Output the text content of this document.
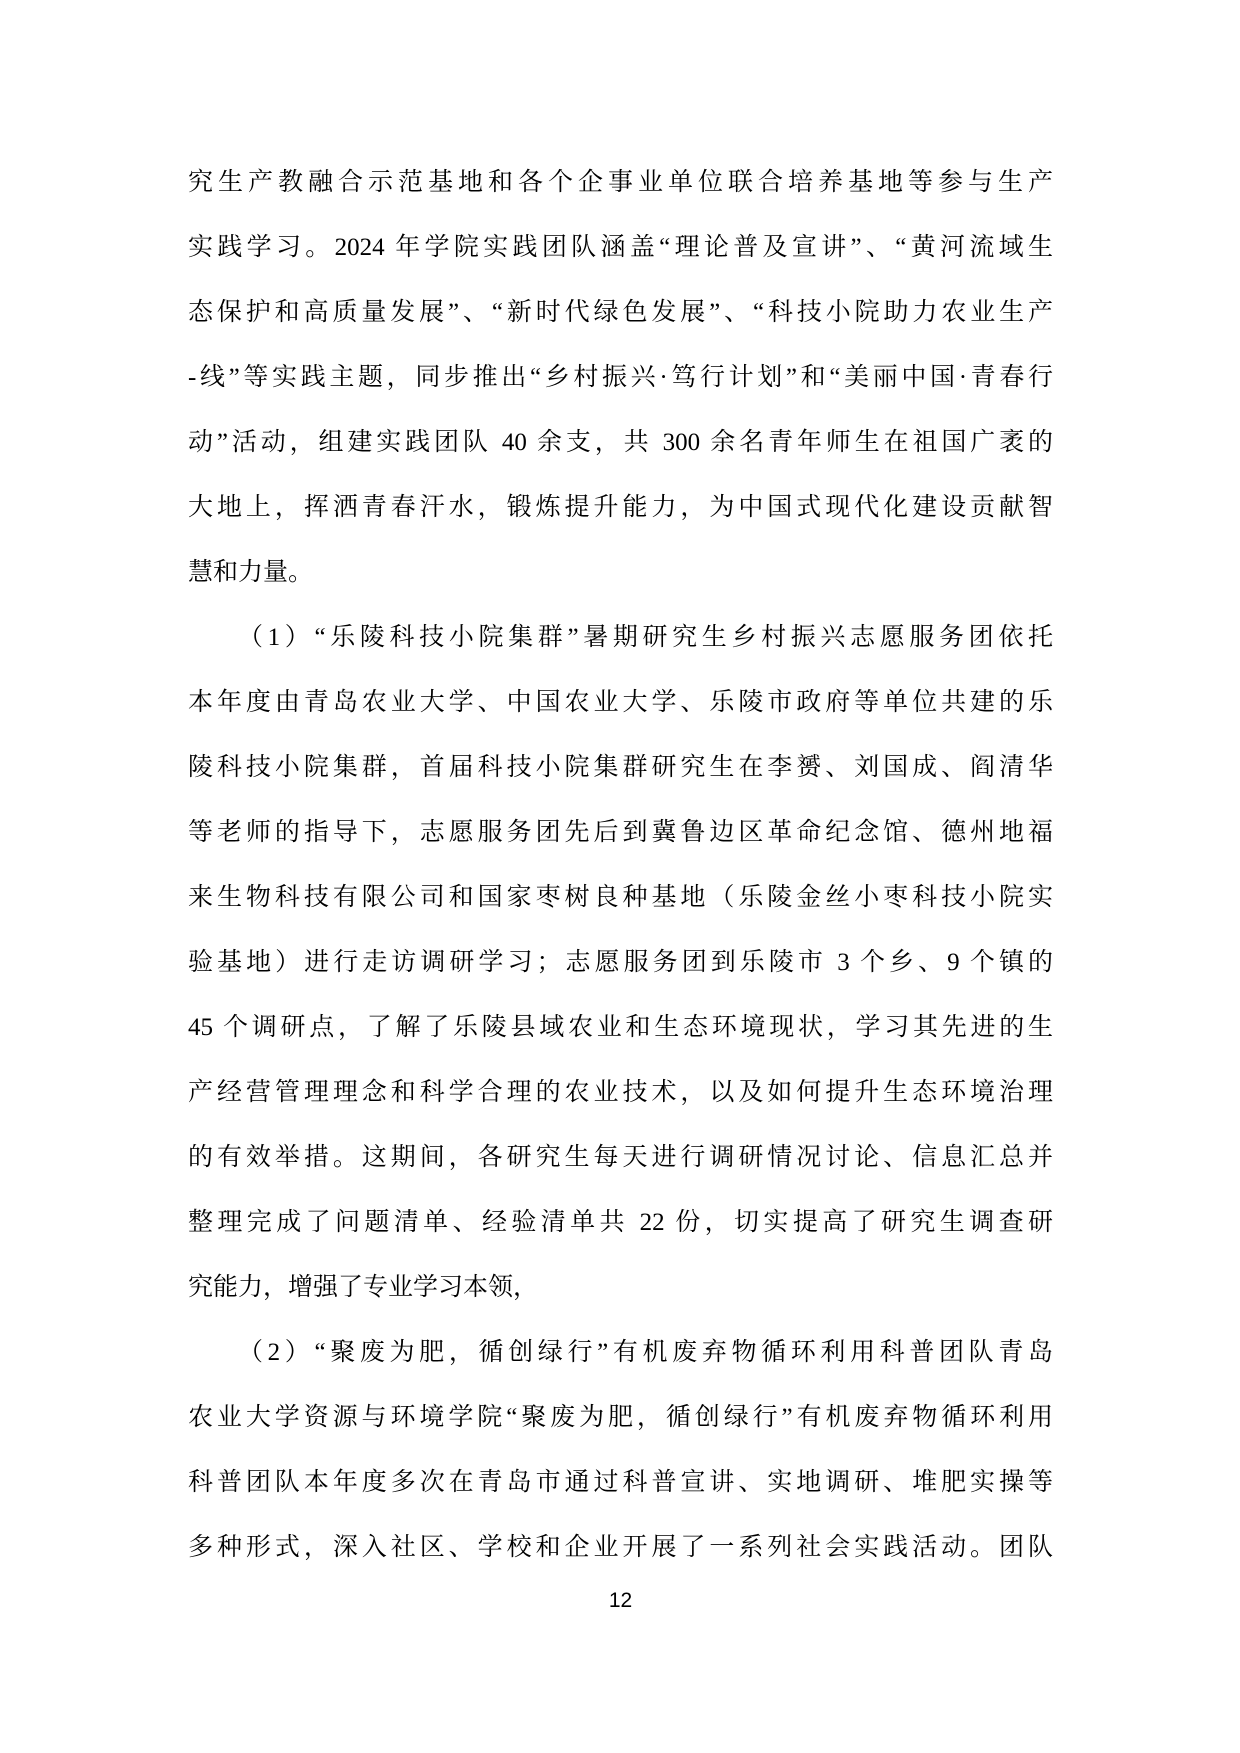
究生产教融合示范基地和各个企事业单位联合培养基地等参与生产
实践学习。2024 年学院实践团队涵盖“理论普及宣讲”、“黄河流域生
态保护和高质量发展”、“新时代绿色发展”、“科技小院助力农业生产
-线”等实践主题，同步推出“乡村振兴·笃行计划”和“美丽中国·青春行
动”活动，组建实践团队 40 余支，共 300 余名青年师生在祖国广袤的
大地上，挥洒青春汗水，锻炼提升能力，为中国式现代化建设贡献智
慧和力量。
（1）“乐陵科技小院集群”暑期研究生乡村振兴志愿服务团依托
本年度由青岛农业大学、中国农业大学、乐陵市政府等单位共建的乐
陵科技小院集群，首届科技小院集群研究生在李赟、刘国成、阎清华
等老师的指导下，志愿服务团先后到冀鲁边区革命纪念馆、德州地福
来生物科技有限公司和国家枣树良种基地（乐陵金丝小枣科技小院实
验基地）进行走访调研学习；志愿服务团到乐陵市 3 个乡、9 个镇的
45 个调研点，了解了乐陵县域农业和生态环境现状，学习其先进的生
产经营管理理念和科学合理的农业技术，以及如何提升生态环境治理
的有效举措。这期间，各研究生每天进行调研情况讨论、信息汇总并
整理完成了问题清单、经验清单共 22 份，切实提高了研究生调查研
究能力，增强了专业学习本领，
（2）“聚废为肥，循创绿行”有机废弃物循环利用科普团队青岛
农业大学资源与环境学院“聚废为肥，循创绿行”有机废弃物循环利用
科普团队本年度多次在青岛市通过科普宣讲、实地调研、堆肥实操等
多种形式，深入社区、学校和企业开展了一系列社会实践活动。团队
12
